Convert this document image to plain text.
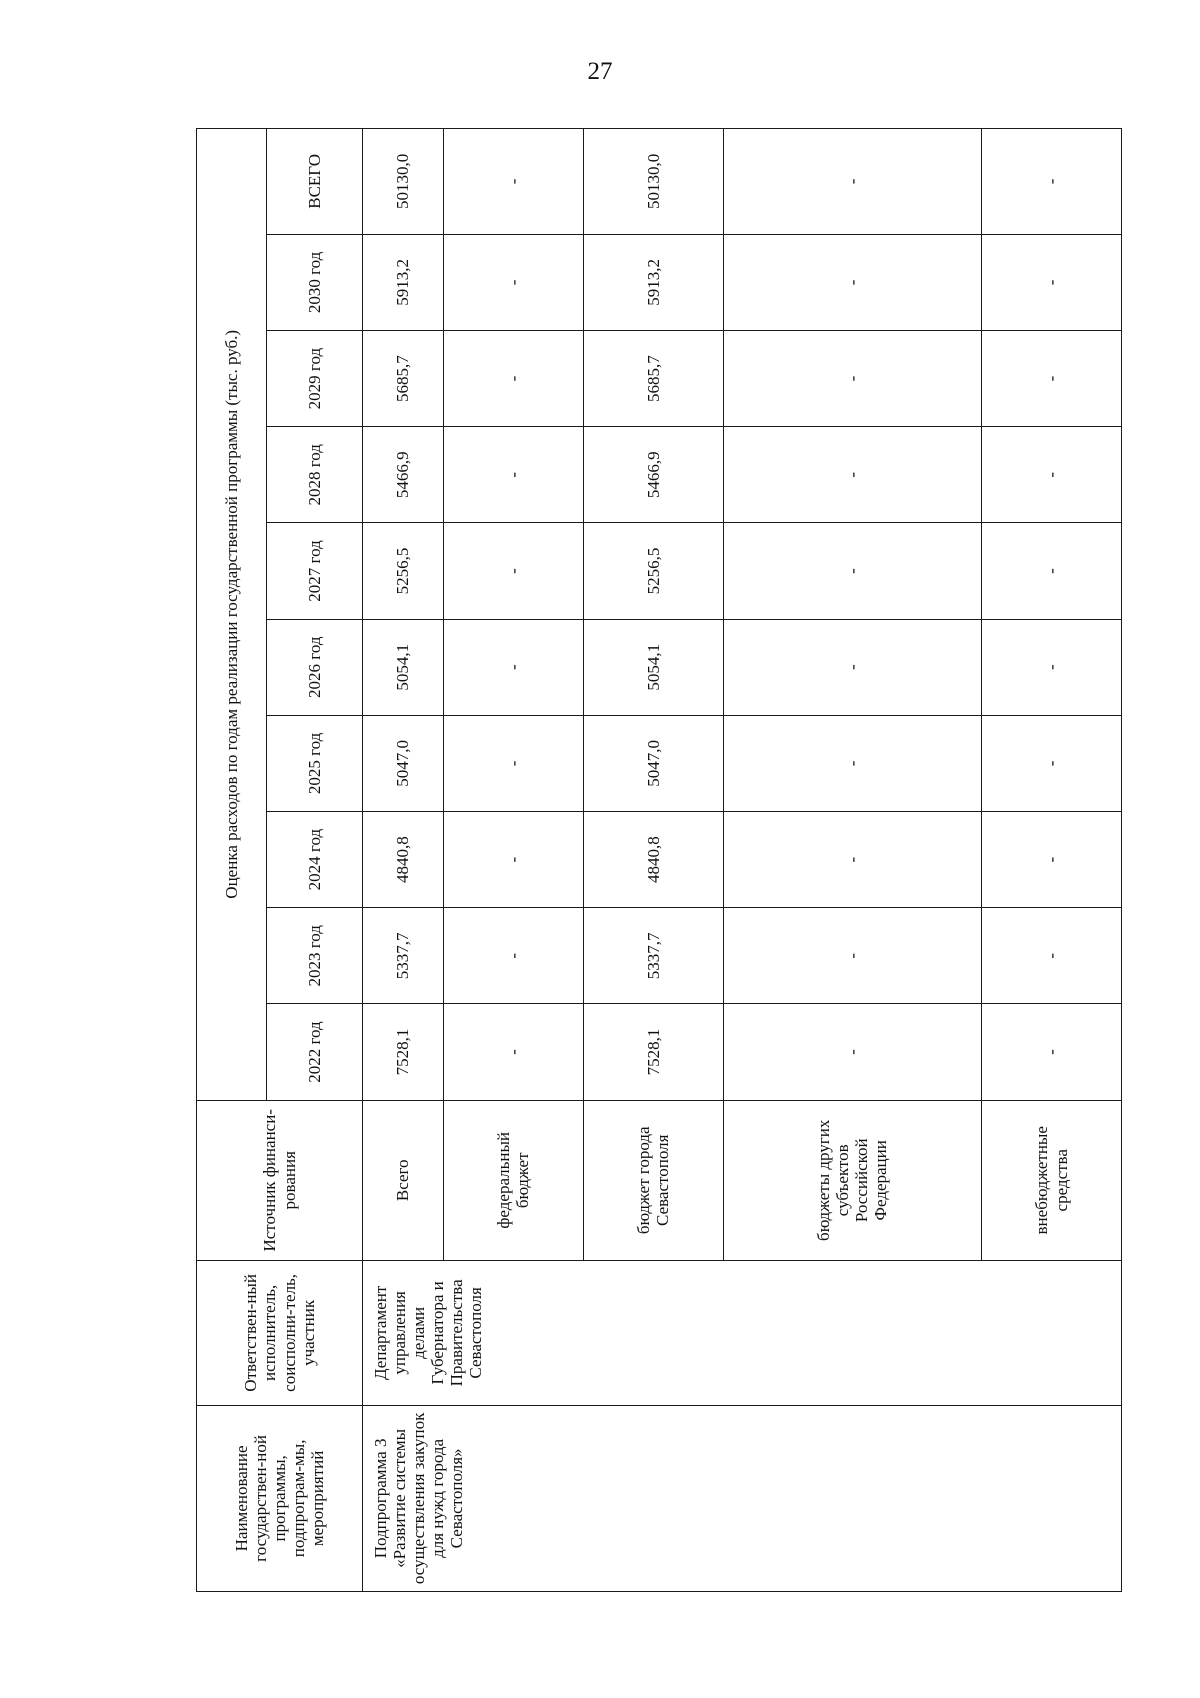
27
Наименование государствен-ной программы, подпрограм-мы, мероприятий	Ответствен-ный исполнитель, соисполни-тель, участник	Источник финанси-рования	Оценка расходов по годам реализации государственной программы (тыс. руб.)									
			2022 год	2023 год	2024 год	2025 год	2026 год	2027 год	2028 год	2029 год	2030 год	ВСЕГО
Подпрограмма 3 «Развитие системы осуществления закупок для нужд города Севастополя»	Департамент управления делами Губернатора и Правительства Севастополя	Всего	7528,1	5337,7	4840,8	5047,0	5054,1	5256,5	5466,9	5685,7	5913,2	50130,0
		федеральный бюджет	-	-	-	-	-	-	-	-	-	-
		бюджет города Севастополя	7528,1	5337,7	4840,8	5047,0	5054,1	5256,5	5466,9	5685,7	5913,2	50130,0
		бюджеты других субъектов Российской Федерации	-	-	-	-	-	-	-	-	-	-
		внебюджетные средства	-	-	-	-	-	-	-	-	-	-
